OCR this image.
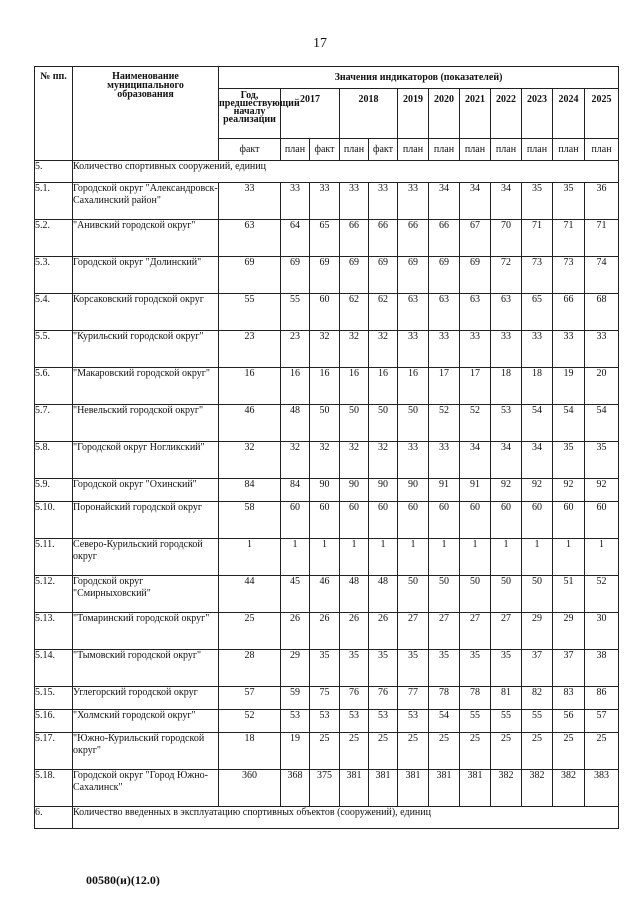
17
№ пп.	Наименование муниципального образования	Значения индикаторов (показателей)											
		Год, предшествующий началу реализации	2017		2018		2019	2020	2021	2022	2023	2024	2025
		факт	план	факт	план	факт	план	план	план	план	план	план	план
5.	Количество спортивных сооружений, единиц												
5.1.	Городской округ "Александровск-Сахалинский район"	33	33	33	33	33	33	34	34	34	35	35	36
5.2.	"Анивский городской округ"	63	64	65	66	66	66	66	67	70	71	71	71
5.3.	Городской округ "Долинский"	69	69	69	69	69	69	69	69	72	73	73	74
5.4.	Корсаковский городской округ	55	55	60	62	62	63	63	63	63	65	66	68
5.5.	"Курильский городской округ"	23	23	32	32	32	33	33	33	33	33	33	33
5.6.	"Макаровский городской округ"	16	16	16	16	16	16	17	17	18	18	19	20
5.7.	"Невельский городской округ"	46	48	50	50	50	50	52	52	53	54	54	54
5.8.	"Городской округ Ногликский"	32	32	32	32	32	33	33	34	34	34	35	35
5.9.	Городской округ "Охинский"	84	84	90	90	90	90	91	91	92	92	92	92
5.10.	Поронайский городской округ	58	60	60	60	60	60	60	60	60	60	60	60
5.11.	Северо-Курильский городской округ	1	1	1	1	1	1	1	1	1	1	1	1
5.12.	Городской округ "Смирныховский"	44	45	46	48	48	50	50	50	50	50	51	52
5.13.	"Томаринский городской округ"	25	26	26	26	26	27	27	27	27	29	29	30
5.14.	"Тымовский городской округ"	28	29	35	35	35	35	35	35	35	37	37	38
5.15.	Углегорский городской округ	57	59	75	76	76	77	78	78	81	82	83	86
5.16.	"Холмский городской округ"	52	53	53	53	53	53	54	55	55	55	56	57
5.17.	"Южно-Курильский городской округ"	18	19	25	25	25	25	25	25	25	25	25	25
5.18.	Городской округ "Город Южно-Сахалинск"	360	368	375	381	381	381	381	381	382	382	382	383
6.	Количество введенных в эксплуатацию спортивных объектов (сооружений), единиц												
00580(и)(12.0)
